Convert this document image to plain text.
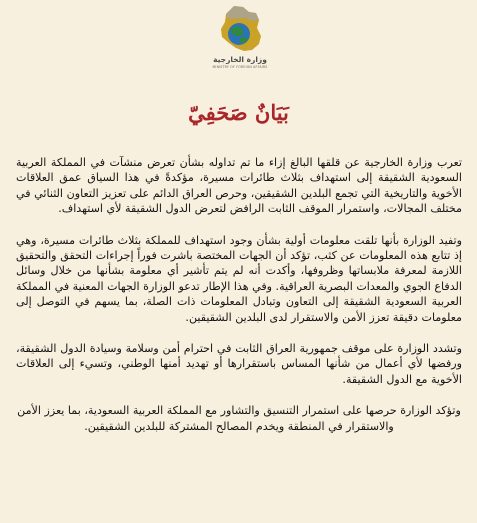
وزارة الخارجية
MINISTRY OF FOREIGN AFFAIRS
بَيَانٌ صَحَفِيّ

تعرب وزارة الخارجية عن قلقها البالغ إزاء ما تم تداوله بشأن تعرض منشآت في المملكة العربية السعودية الشقيقة إلى استهداف بثلاث طائرات مسيرة، مؤكدةً في هذا السياق عمق العلاقات الأخوية والتاريخية التي تجمع البلدين الشقيقين، وحرص العراق الدائم على تعزيز التعاون الثنائي في مختلف المجالات، واستمرار الموقف الثابت الرافض لتعرض الدول الشقيقة لأي استهداف.

وتفيد الوزارة بأنها تلقت معلومات أولية بشأن وجود استهداف للمملكة بثلاث طائرات مسيرة، وهي إذ تتابع هذه المعلومات عن كثب، تؤكد أن الجهات المختصة باشرت فوراً إجراءات التحقق والتحقيق اللازمة لمعرفة ملابساتها وظروفها، وأكدت أنه لم يتم تأشير أي معلومة بشأنها من خلال وسائل الدفاع الجوي والمعدات البصرية العراقية. وفي هذا الإطار تدعو الوزارة الجهات المعنية في المملكة العربية السعودية الشقيقة إلى التعاون وتبادل المعلومات ذات الصلة، بما يسهم في التوصل إلى معلومات دقيقة تعزز الأمن والاستقرار لدى البلدين الشقيقين.

وتشدد الوزارة على موقف جمهورية العراق الثابت في احترام أمن وسلامة وسيادة الدول الشقيقة، ورفضها لأي أعمال من شأنها المساس باستقرارها أو تهديد أمنها الوطني، وتسيء إلى العلاقات الأخوية مع الدول الشقيقة.

وتؤكد الوزارة حرصها على استمرار التنسيق والتشاور مع المملكة العربية السعودية، بما يعزز الأمن والاستقرار في المنطقة ويخدم المصالح المشتركة للبلدين الشقيقين.
